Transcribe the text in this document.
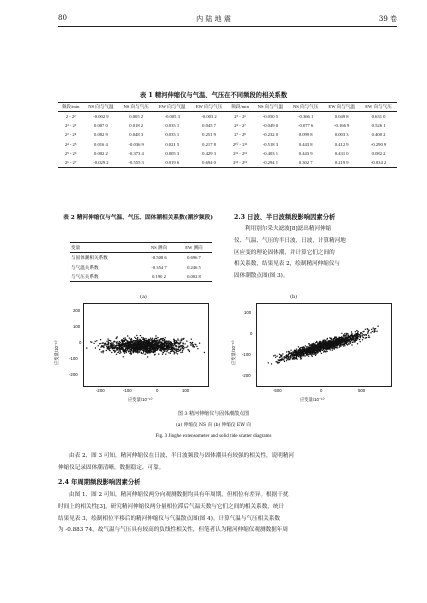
80	内 陆 地 震	39 卷
表 1 精河伸缩仪与气温、气压在不同频段的相关系数
频段/min	NS 向与气温	NS 向与气压	EW 向与气温	EW 向与气压	频段/min	NS 向与气温	NS 向与气压	EW 向与气温	EW 向与气压
2 - 2²	-0.002 9	0.005 2	-0.005 3	-0.003 2	2⁵ - 2⁶	-0.050 5	-0.366 1	0.049 8	0.631 0
2² - 2³	0.007 0	0.018 2	0.035 1	0.045 7	2⁶ - 2⁷	-0.049 0	-0.077 6	-0.166 9	0.526 1
2³ - 2⁴	0.002 9	0.048 3	0.035 1	0.251 9	2⁷ - 2⁸	-0.232 0	0.099 8	0.003 3	0.400 2
2⁴ - 2⁵	0.016 4	-0.036 9	0.021 5	0.217 8	2¹⁰ - 2¹¹	-0.518 3	0.443 8	0.412 9	-0.290 9
2⁵ - 2⁶	0.002 2	-0.373 4	0.005 3	0.429 3	2¹¹ - 2¹²	-0.403 1	0.443 9	0.431 0	0.082 2
2⁶ - 2⁷	-0.029 2	-0.555 3	0.019 6	0.694 0	2¹² - 2¹³	-0.294 1	0.302 7	0.219 9	-0.034 2
表 2 精河伸缩仪与气温、气压、固体潮相关系数(潮汐频段)
变量	NS 测向	EW 测向
与固体潮相关系数	-0.508 6	0.696 7
与气温关系数	-0.354 7	0.246 5
与气压关系数	0.190 2	0.002 8
2.3 日波、半日波频段影响因素分析
利用别尔采夫滤波[8]滤出精河伸缩
仪、气温、气压的半日波、日波，计算精河地
区应变的理论固体潮，并计算它们之间的
相关系数，结果见表 2，绘制精河伸缩仪与
固体潮散点图(图 3)。
(a)	(b)
200
100
0
-100
-200
应变量/10⁻¹⁰
-200	-100	0	100
应变量/10⁻¹⁰
100
0
-100
-200
应变量/10⁻¹⁰
-500	0	500
应变量/10⁻¹⁰
图 3 精河伸缩仪与固体潮散点图
(a) 伸缩仪 NS 向 (b) 伸缩仪 EW 向
Fig. 3 Jinghe extensometer and solid tide scatter diagrams
由表 2、图 3 可知，精河伸缩仪在日波、半日波频段与固体潮具有较强的相关性，说明精河
伸缩仪记录固体潮清晰，数据稳定、可靠。
2.4 年周期频段影响因素分析
由图 1、图 2 可知，精河伸缩仪两分向观测数据均具有年周期，但相位有差异。根据干扰
时间上的相关性[3]，研究精河伸缩仪两分量相位滞后气温天数与它们之间的相关系数，统计
结果见表 3，绘制相位平移后的精河伸缩仪与气温散点图(图 4)。计算气温与气压相关系数
为 -0.883 74，故气温与气压具有较高的负线性相关性，但笔者认为精河伸缩仪观测数据年周
